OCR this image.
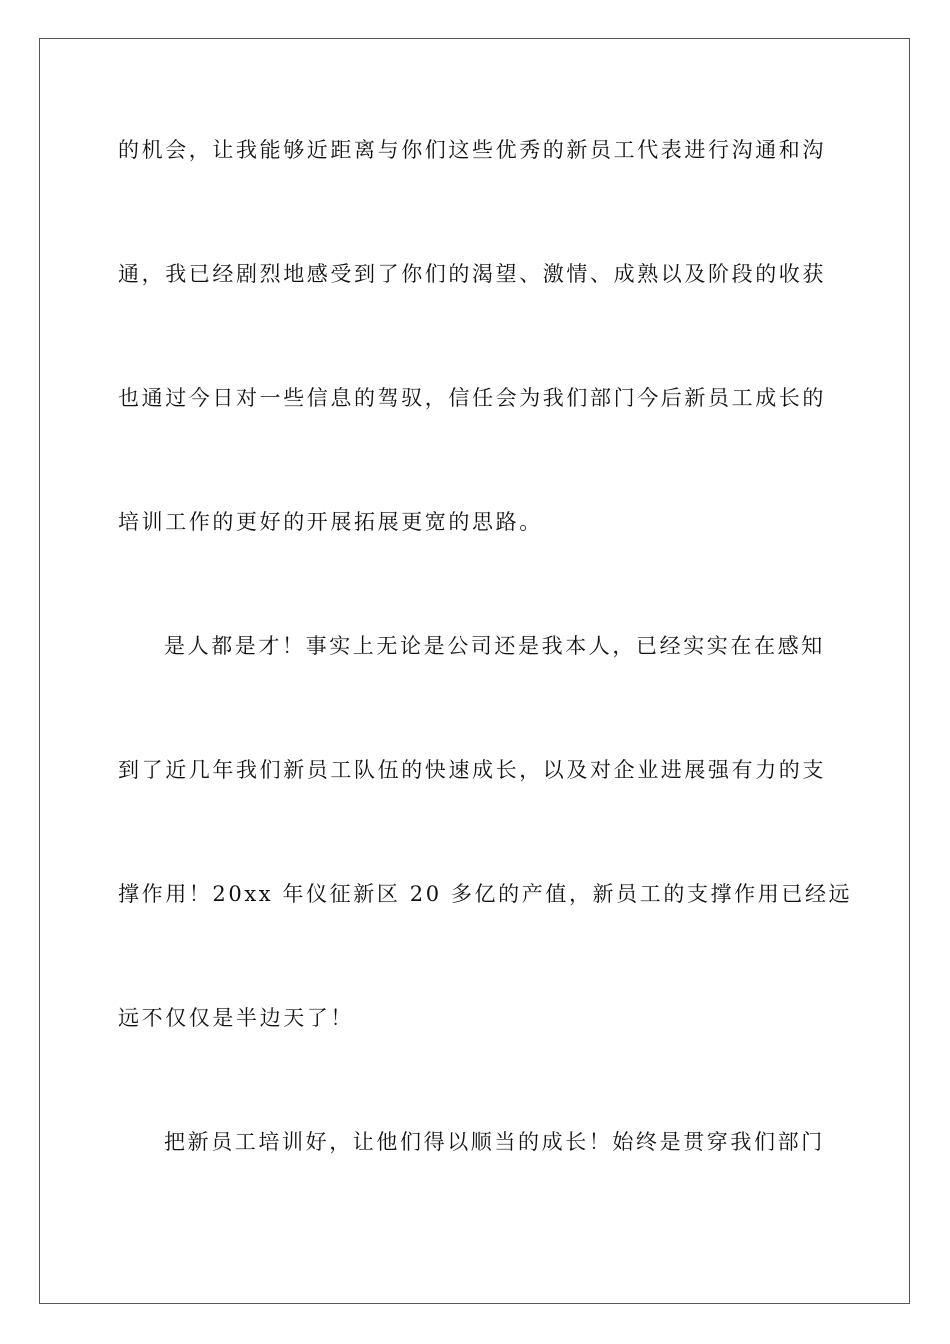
的机会，让我能够近距离与你们这些优秀的新员工代表进行沟通和沟
通，我已经剧烈地感受到了你们的渴望、激情、成熟以及阶段的收获
也通过今日对一些信息的驾驭，信任会为我们部门今后新员工成长的
培训工作的更好的开展拓展更宽的思路。
是人都是才！事实上无论是公司还是我本人，已经实实在在感知
到了近几年我们新员工队伍的快速成长，以及对企业进展强有力的支
撑作用！20xx 年仪征新区 20 多亿的产值，新员工的支撑作用已经远
远不仅仅是半边天了！
把新员工培训好，让他们得以顺当的成长！始终是贯穿我们部门
